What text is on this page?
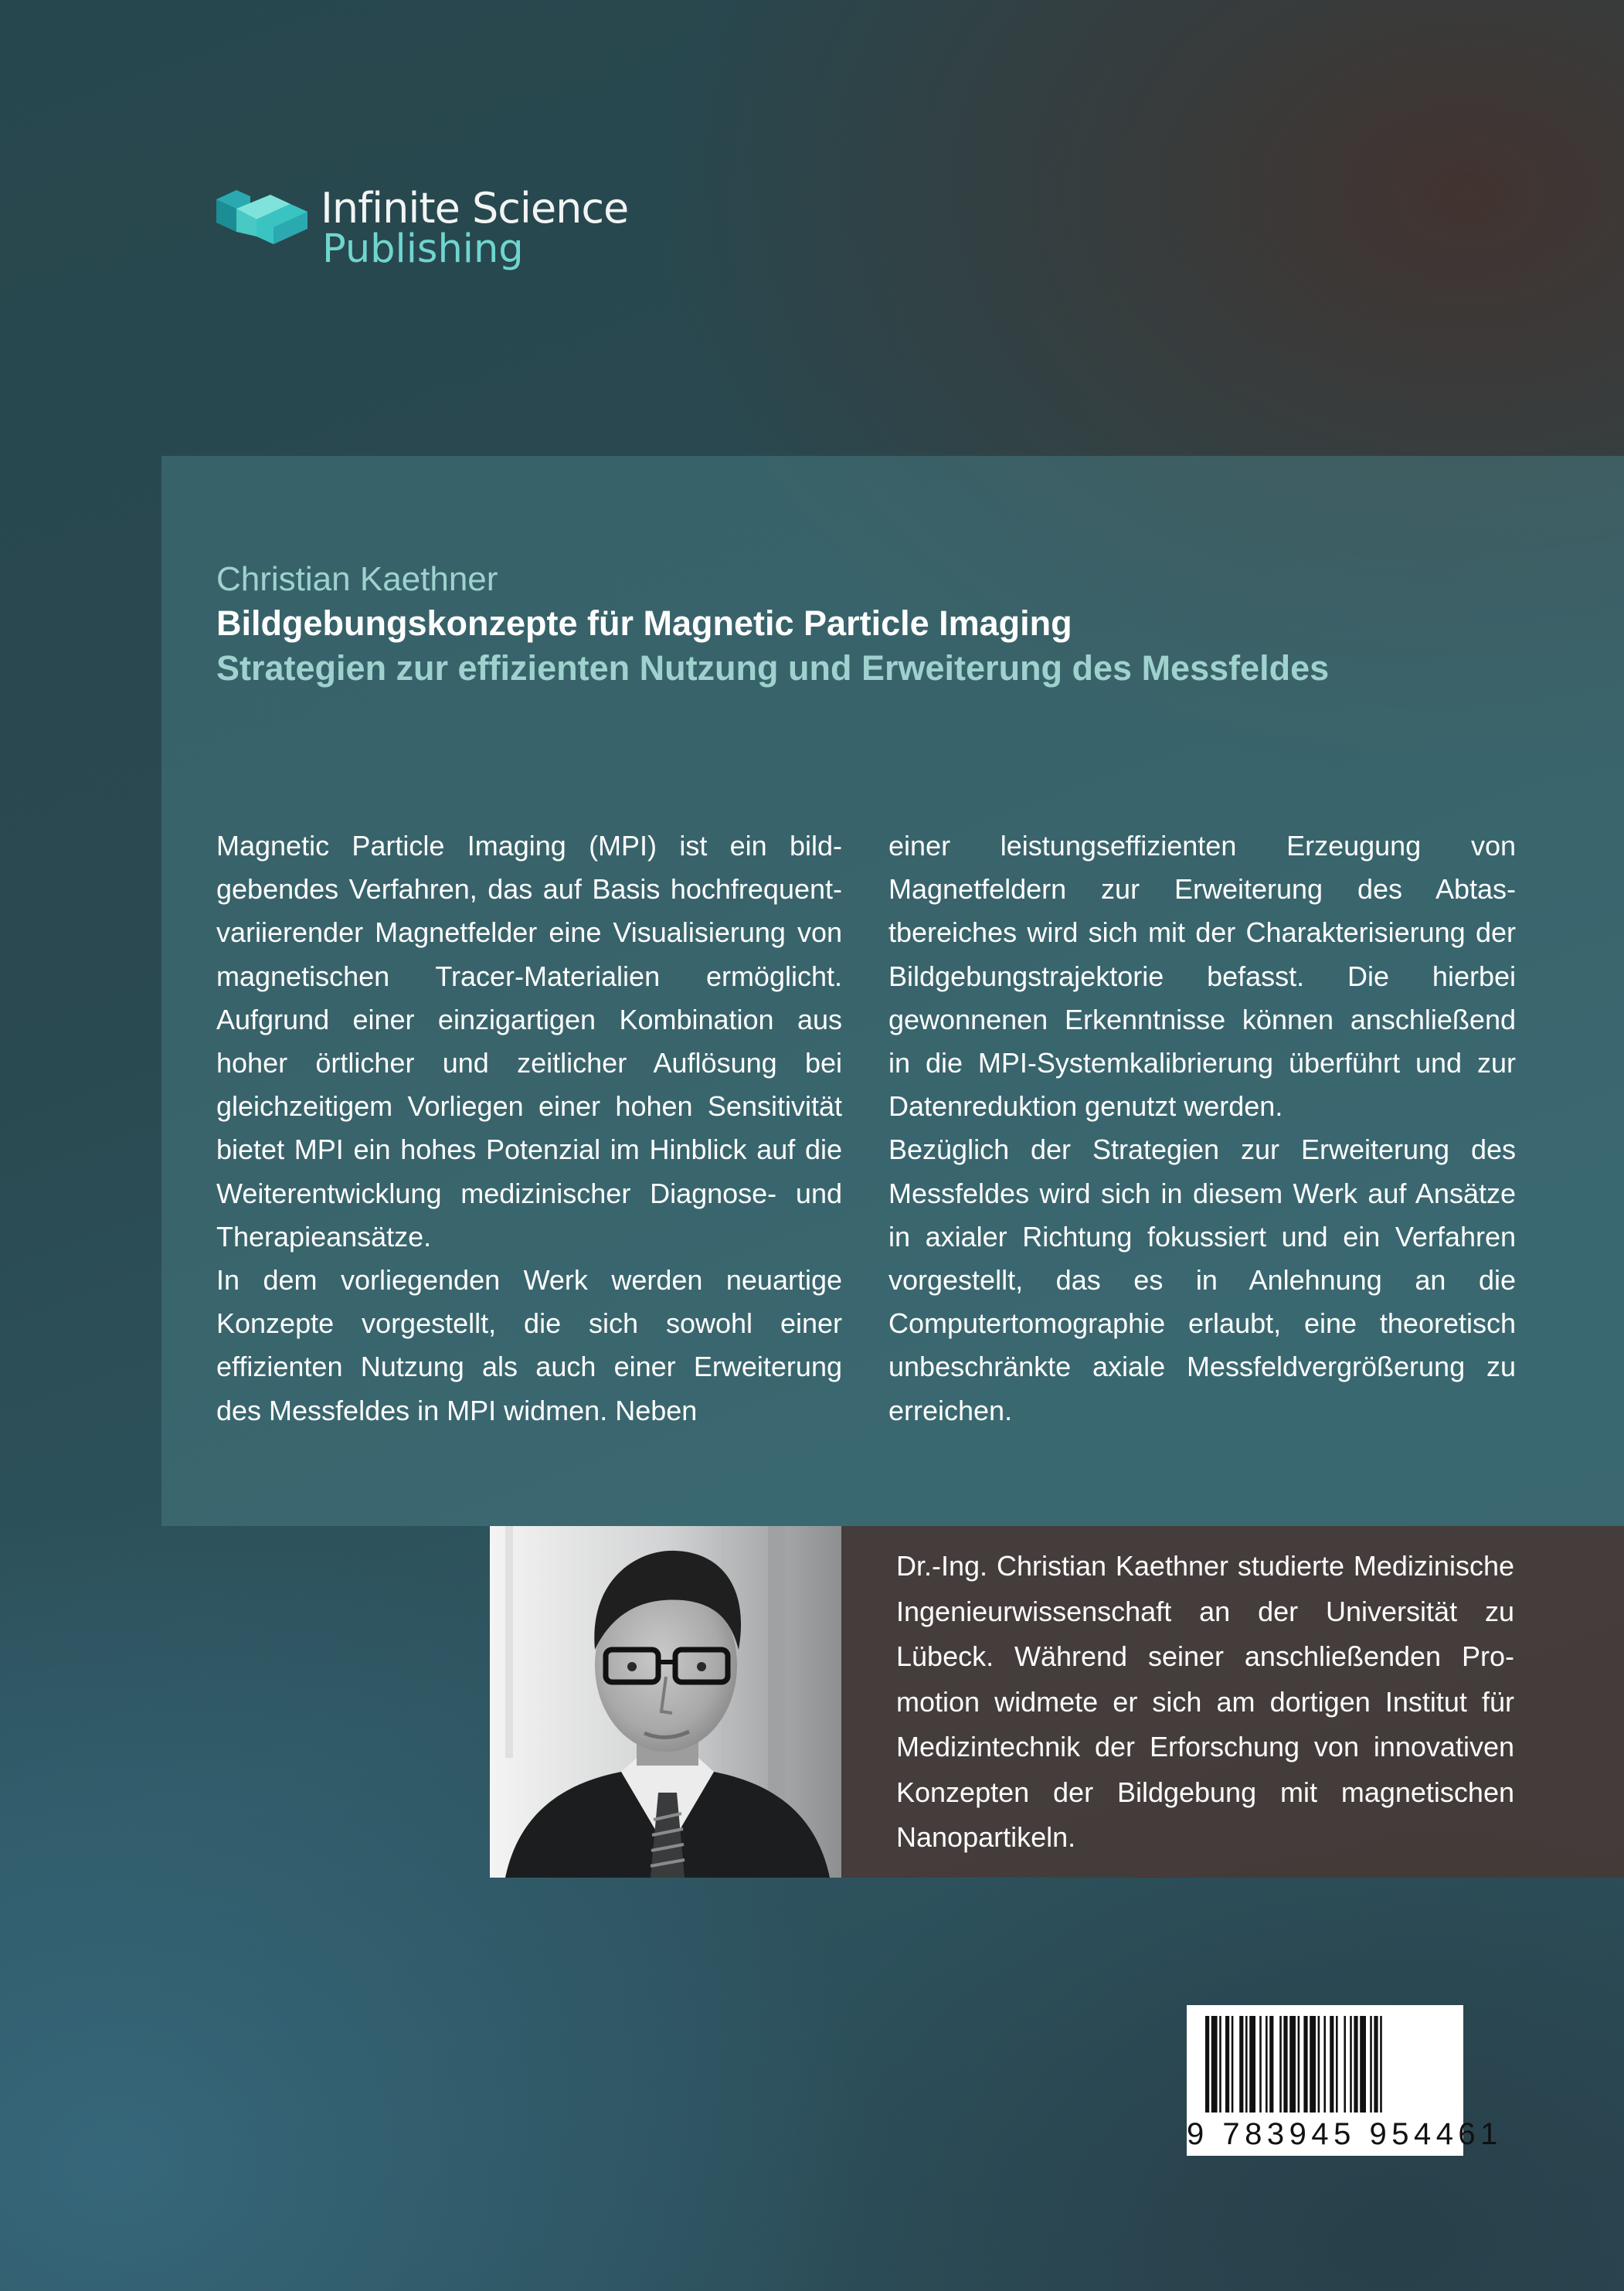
Infinite Science
Publishing
Christian Kaethner
Bildgebungskonzepte für Magnetic Particle Imaging
Strategien zur effizienten Nutzung und Erweiterung des Messfeldes

Magnetic Particle Imaging (MPI) ist ein bildgebendes Verfahren, das auf Basis hochfrequent-variierender Magnetfelder eine Visualisierung von magnetischen Tracer-Materialien ermöglicht. Aufgrund einer einzigartigen Kombination aus hoher örtlicher und zeitlicher Auflösung bei gleichzeitigem Vorliegen einer hohen Sensitivität bietet MPI ein hohes Potenzial im Hinblick auf die Weiterentwicklung medizinischer Diagnose- und Therapieansätze.

In dem vorliegenden Werk werden neuartige Konzepte vorgestellt, die sich sowohl einer effizienten Nutzung als auch einer Erweiterung des Messfeldes in MPI widmen. Neben

einer leistungseffizienten Erzeugung von Magnetfeldern zur Erweiterung des Abtastbereiches wird sich mit der Charakterisierung der Bildgebungstrajektorie befasst. Die hierbei gewonnenen Erkenntnisse können anschließend in die MPI-Systemkalibrierung überführt und zur Datenreduktion genutzt werden.

Bezüglich der Strategien zur Erweiterung des Messfeldes wird sich in diesem Werk auf Ansätze in axialer Richtung fokussiert und ein Verfahren vorgestellt, das es in Anlehnung an die Computertomographie erlaubt, eine theoretisch unbeschränkte axiale Messfeldvergrößerung zu erreichen.

Dr.-Ing. Christian Kaethner studierte Medizinische Ingenieurwissenschaft an der Universität zu Lübeck. Während seiner anschließenden Promotion widmete er sich am dortigen Institut für Medizintechnik der Erforschung von innovativen Konzepten der Bildgebung mit magnetischen Nanopartikeln.
9 783945 954461
